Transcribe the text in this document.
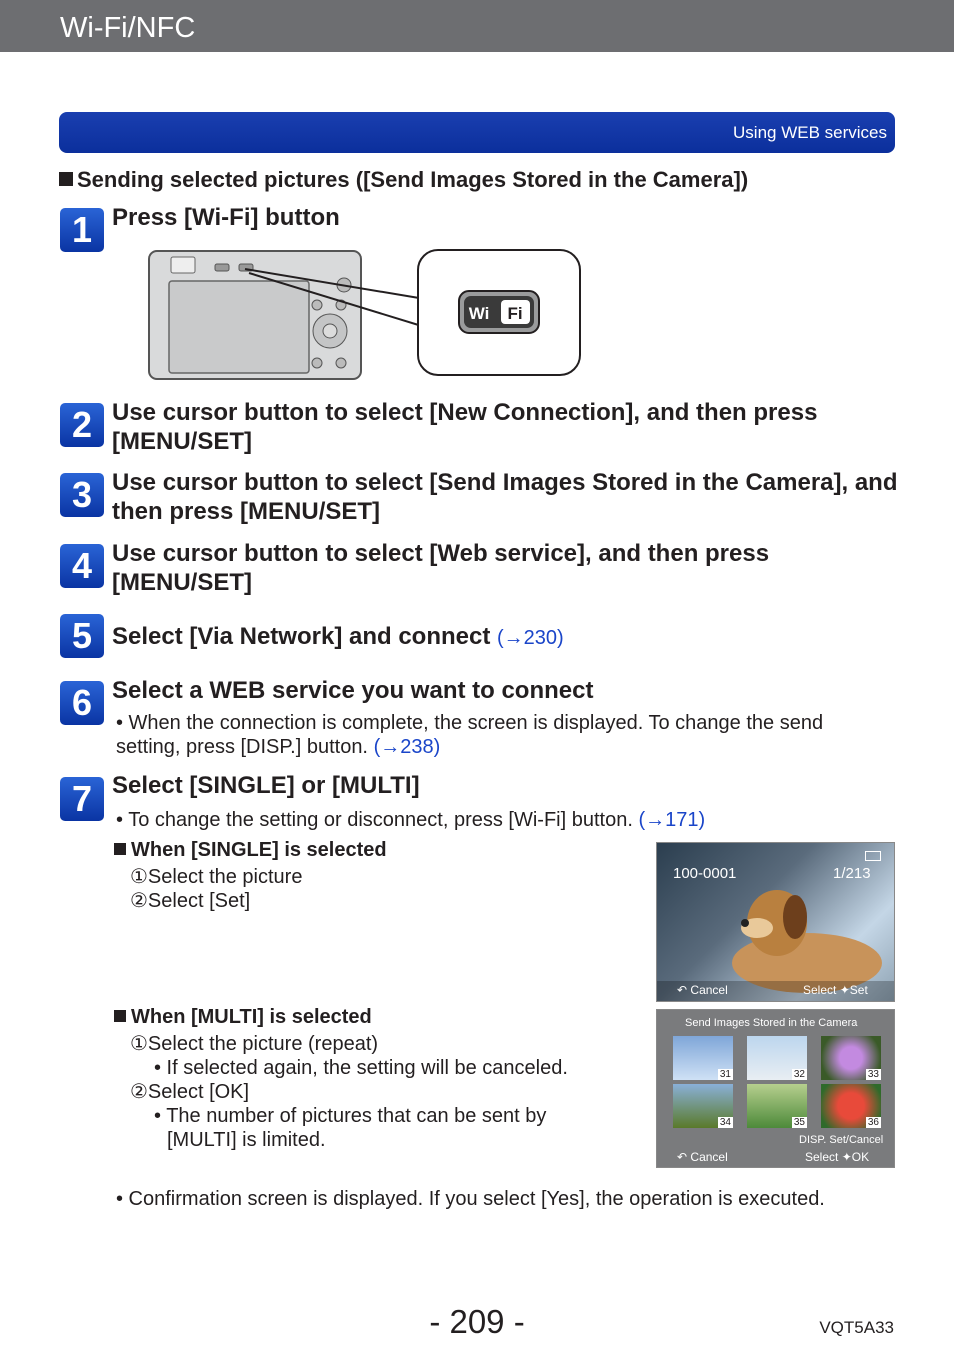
Wi-Fi/NFC
Using WEB services
Sending selected pictures ([Send Images Stored in the Camera])
1 Press [Wi-Fi] button
Wi Fi
2 Use cursor button to select [New Connection], and then press [MENU/SET]
3 Use cursor button to select [Send Images Stored in the Camera], and then press [MENU/SET]
4 Use cursor button to select [Web service], and then press [MENU/SET]
5 Select [Via Network] and connect (→230)
6 Select a WEB service you want to connect
• When the connection is complete, the screen is displayed. To change the send setting, press [DISP.] button. (→238)
7 Select [SINGLE] or [MULTI]
• To change the setting or disconnect, press [Wi-Fi] button. (→171)
When [SINGLE] is selected
①Select the picture
②Select [Set]
100-0001	1/213
↶ Cancel	Select ✦Set
When [MULTI] is selected
①Select the picture (repeat)
• If selected again, the setting will be canceled.
②Select [OK]
• The number of pictures that can be sent by [MULTI] is limited.
Send Images Stored in the Camera
31	32	33
34	35	36
↶ Cancel
DISP. Set/Cancel
Select ✦OK
• Confirmation screen is displayed. If you select [Yes], the operation is executed.
- 209 -	VQT5A33
